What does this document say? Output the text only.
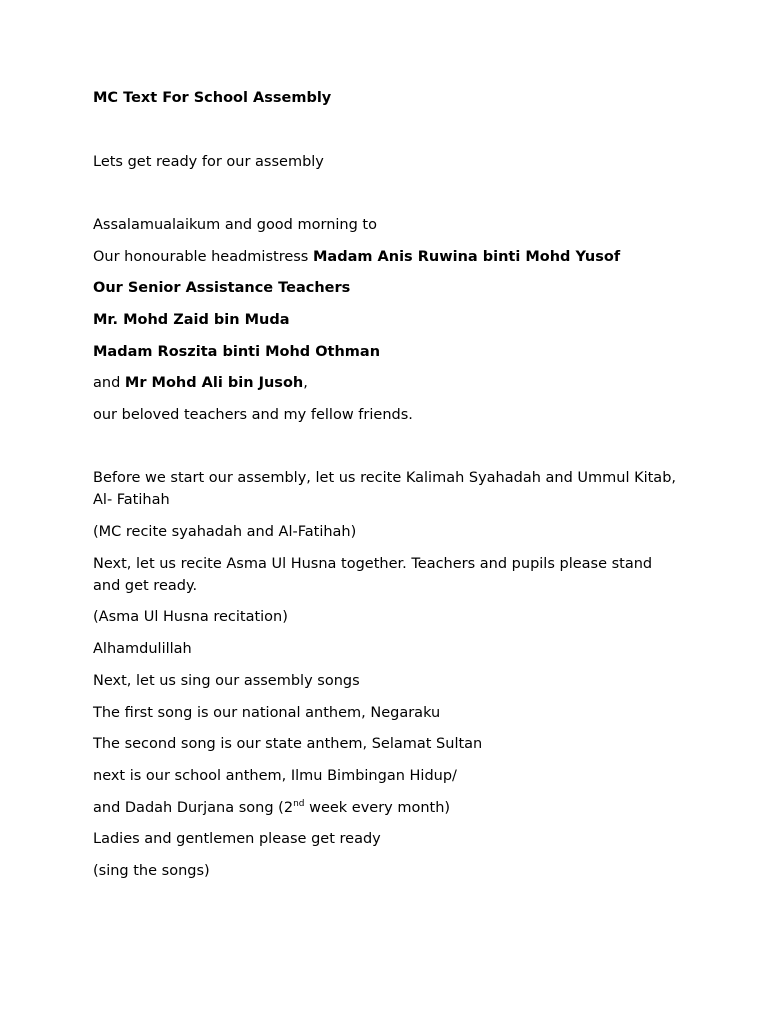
MC Text For School Assembly
Lets get ready for our assembly
Assalamualaikum and good morning to
Our honourable headmistress Madam Anis Ruwina binti Mohd Yusof
Our Senior Assistance Teachers
Mr. Mohd Zaid bin Muda
Madam Roszita binti Mohd Othman
and Mr Mohd Ali bin Jusoh,
our beloved teachers and my fellow friends.
Before we start our assembly, let us recite Kalimah Syahadah and Ummul Kitab, Al- Fatihah
(MC recite syahadah and Al-Fatihah)
Next, let us recite Asma Ul Husna together. Teachers and pupils please stand and get ready.
(Asma Ul Husna recitation)
Alhamdulillah
Next, let us sing our assembly songs
The first song is our national anthem, Negaraku
The second song is our state anthem, Selamat Sultan
next is our school anthem, Ilmu Bimbingan Hidup/
and Dadah Durjana song (2nd week every month)
Ladies and gentlemen please get ready
(sing the songs)
